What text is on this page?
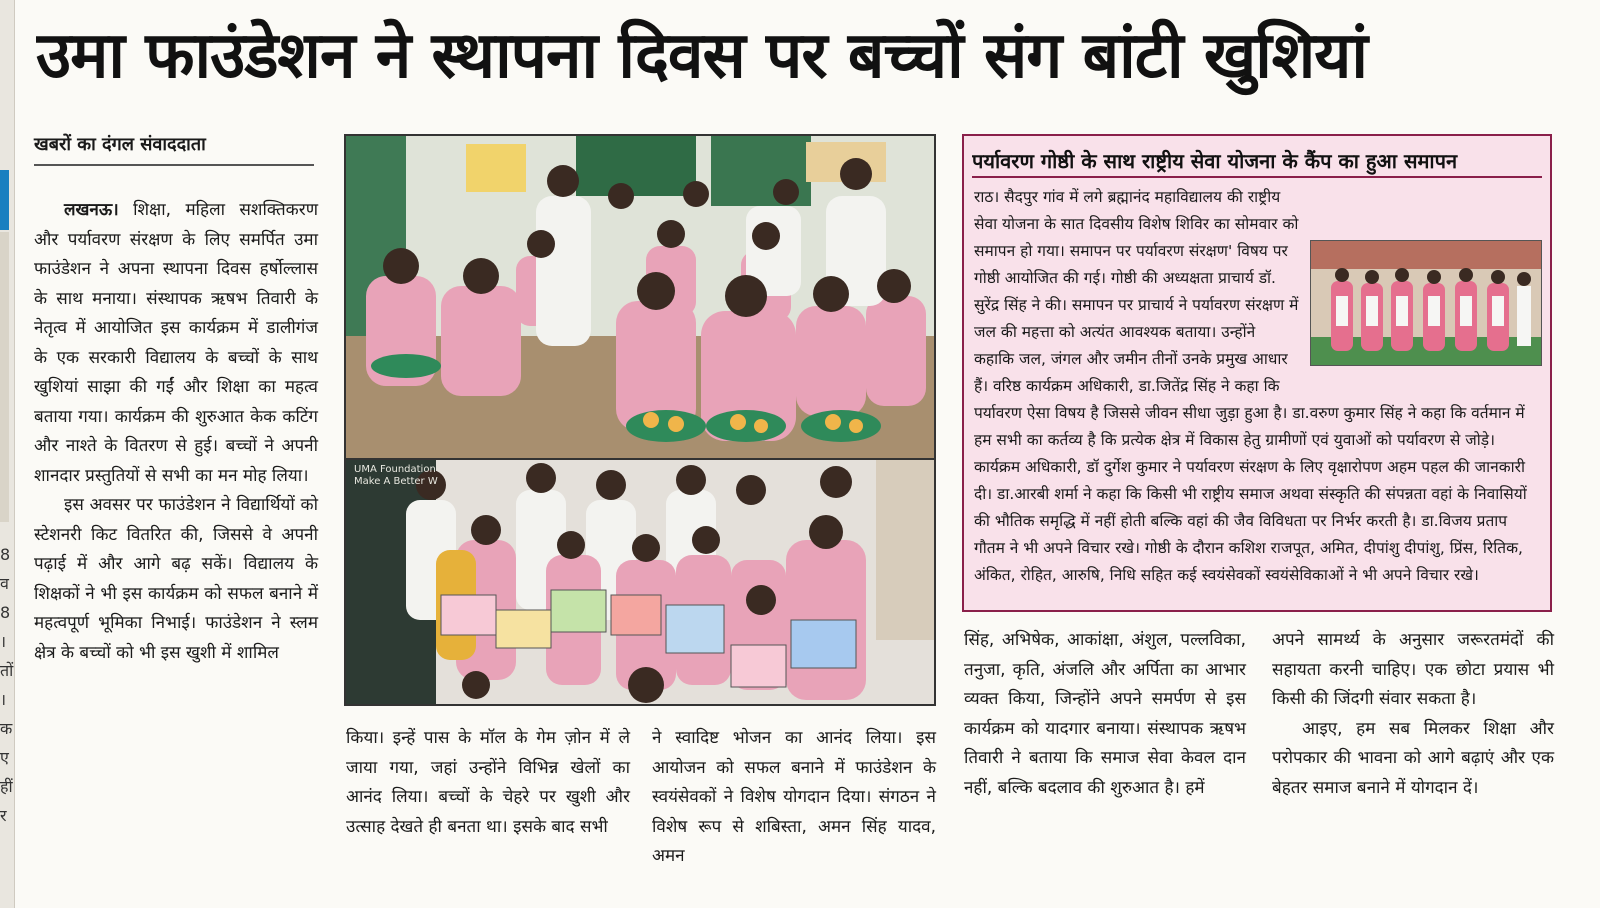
8
व
8
।
तों
।
क
ए
हीं
र
उमा फाउंडेशन ने स्थापना दिवस पर बच्चों संग बांटी खुशियां
खबरों का दंगल संवाददाता

लखनऊ। शिक्षा, महिला सशक्तिकरण और पर्यावरण संरक्षण के लिए समर्पित उमा फाउंडेशन ने अपना स्थापना दिवस हर्षोल्लास के साथ मनाया। संस्थापक ऋषभ तिवारी के नेतृत्व में आयोजित इस कार्यक्रम में डालीगंज के एक सरकारी विद्यालय के बच्चों के साथ खुशियां साझा की गईं और शिक्षा का महत्व बताया गया। कार्यक्रम की शुरुआत केक कटिंग और नाश्ते के वितरण से हुई। बच्चों ने अपनी शानदार प्रस्तुतियों से सभी का मन मोह लिया।

इस अवसर पर फाउंडेशन ने विद्यार्थियों को स्टेशनरी किट वितरित की, जिससे वे अपनी पढ़ाई में और आगे बढ़ सकें। विद्यालय के शिक्षकों ने भी इस कार्यक्रम को सफल बनाने में महत्वपूर्ण भूमिका निभाई। फाउंडेशन ने स्लम क्षेत्र के बच्चों को भी इस खुशी में शामिल

UMA Foundation Make A Better W

किया। इन्हें पास के मॉल के गेम ज़ोन में ले जाया गया, जहां उन्होंने विभिन्न खेलों का आनंद लिया। बच्चों के चेहरे पर खुशी और उत्साह देखते ही बनता था। इसके बाद सभी

ने स्वादिष्ट भोजन का आनंद लिया। इस आयोजन को सफल बनाने में फाउंडेशन के स्वयंसेवकों ने विशेष योगदान दिया। संगठन ने विशेष रूप से शबिस्ता, अमन सिंह यादव, अमन

पर्यावरण गोष्ठी के साथ राष्ट्रीय सेवा योजना के कैंप का हुआ समापन
राठ। सैदपुर गांव में लगे ब्रह्मानंद महाविद्यालय की राष्ट्रीय सेवा योजना के सात दिवसीय विशेष शिविर का सोमवार को समापन हो गया। समापन पर पर्यावरण संरक्षण' विषय पर गोष्ठी आयोजित की गई। गोष्ठी की अध्यक्षता प्राचार्य डॉ. सुरेंद्र सिंह ने की। समापन पर प्राचार्य ने पर्यावरण संरक्षण में जल की महत्ता को अत्यंत आवश्यक बताया। उन्होंने कहाकि जल, जंगल और जमीन तीनों उनके प्रमुख आधार हैं। वरिष्ठ कार्यक्रम अधिकारी, डा.जितेंद्र सिंह ने कहा कि पर्यावरण ऐसा विषय है जिससे जीवन सीधा जुड़ा हुआ है। डा.वरुण कुमार सिंह ने कहा कि वर्तमान में हम सभी का कर्तव्य है कि प्रत्येक क्षेत्र में विकास हेतु ग्रामीणों एवं युवाओं को पर्यावरण से जोड़े। कार्यक्रम अधिकारी, डॉ दुर्गेश कुमार ने पर्यावरण संरक्षण के लिए वृक्षारोपण अहम पहल की जानकारी दी। डा.आरबी शर्मा ने कहा कि किसी भी राष्ट्रीय समाज अथवा संस्कृति की संपन्नता वहां के निवासियों की भौतिक समृद्धि में नहीं होती बल्कि वहां की जैव विविधता पर निर्भर करती है। डा.विजय प्रताप गौतम ने भी अपने विचार रखे। गोष्ठी के दौरान कशिश राजपूत, अमित, दीपांशु दीपांशु, प्रिंस, रितिक, अंकित, रोहित, आरुषि, निधि सहित कई स्वयंसेवकों स्वयंसेविकाओं ने भी अपने विचार रखे।

सिंह, अभिषेक, आकांक्षा, अंशुल, पल्लविका, तनुजा, कृति, अंजलि और अर्पिता का आभार व्यक्त किया, जिन्होंने अपने समर्पण से इस कार्यक्रम को यादगार बनाया। संस्थापक ऋषभ तिवारी ने बताया कि समाज सेवा केवल दान नहीं, बल्कि बदलाव की शुरुआत है। हमें

अपने सामर्थ्य के अनुसार जरूरतमंदों की सहायता करनी चाहिए। एक छोटा प्रयास भी किसी की जिंदगी संवार सकता है।

आइए, हम सब मिलकर शिक्षा और परोपकार की भावना को आगे बढ़ाएं और एक बेहतर समाज बनाने में योगदान दें।
